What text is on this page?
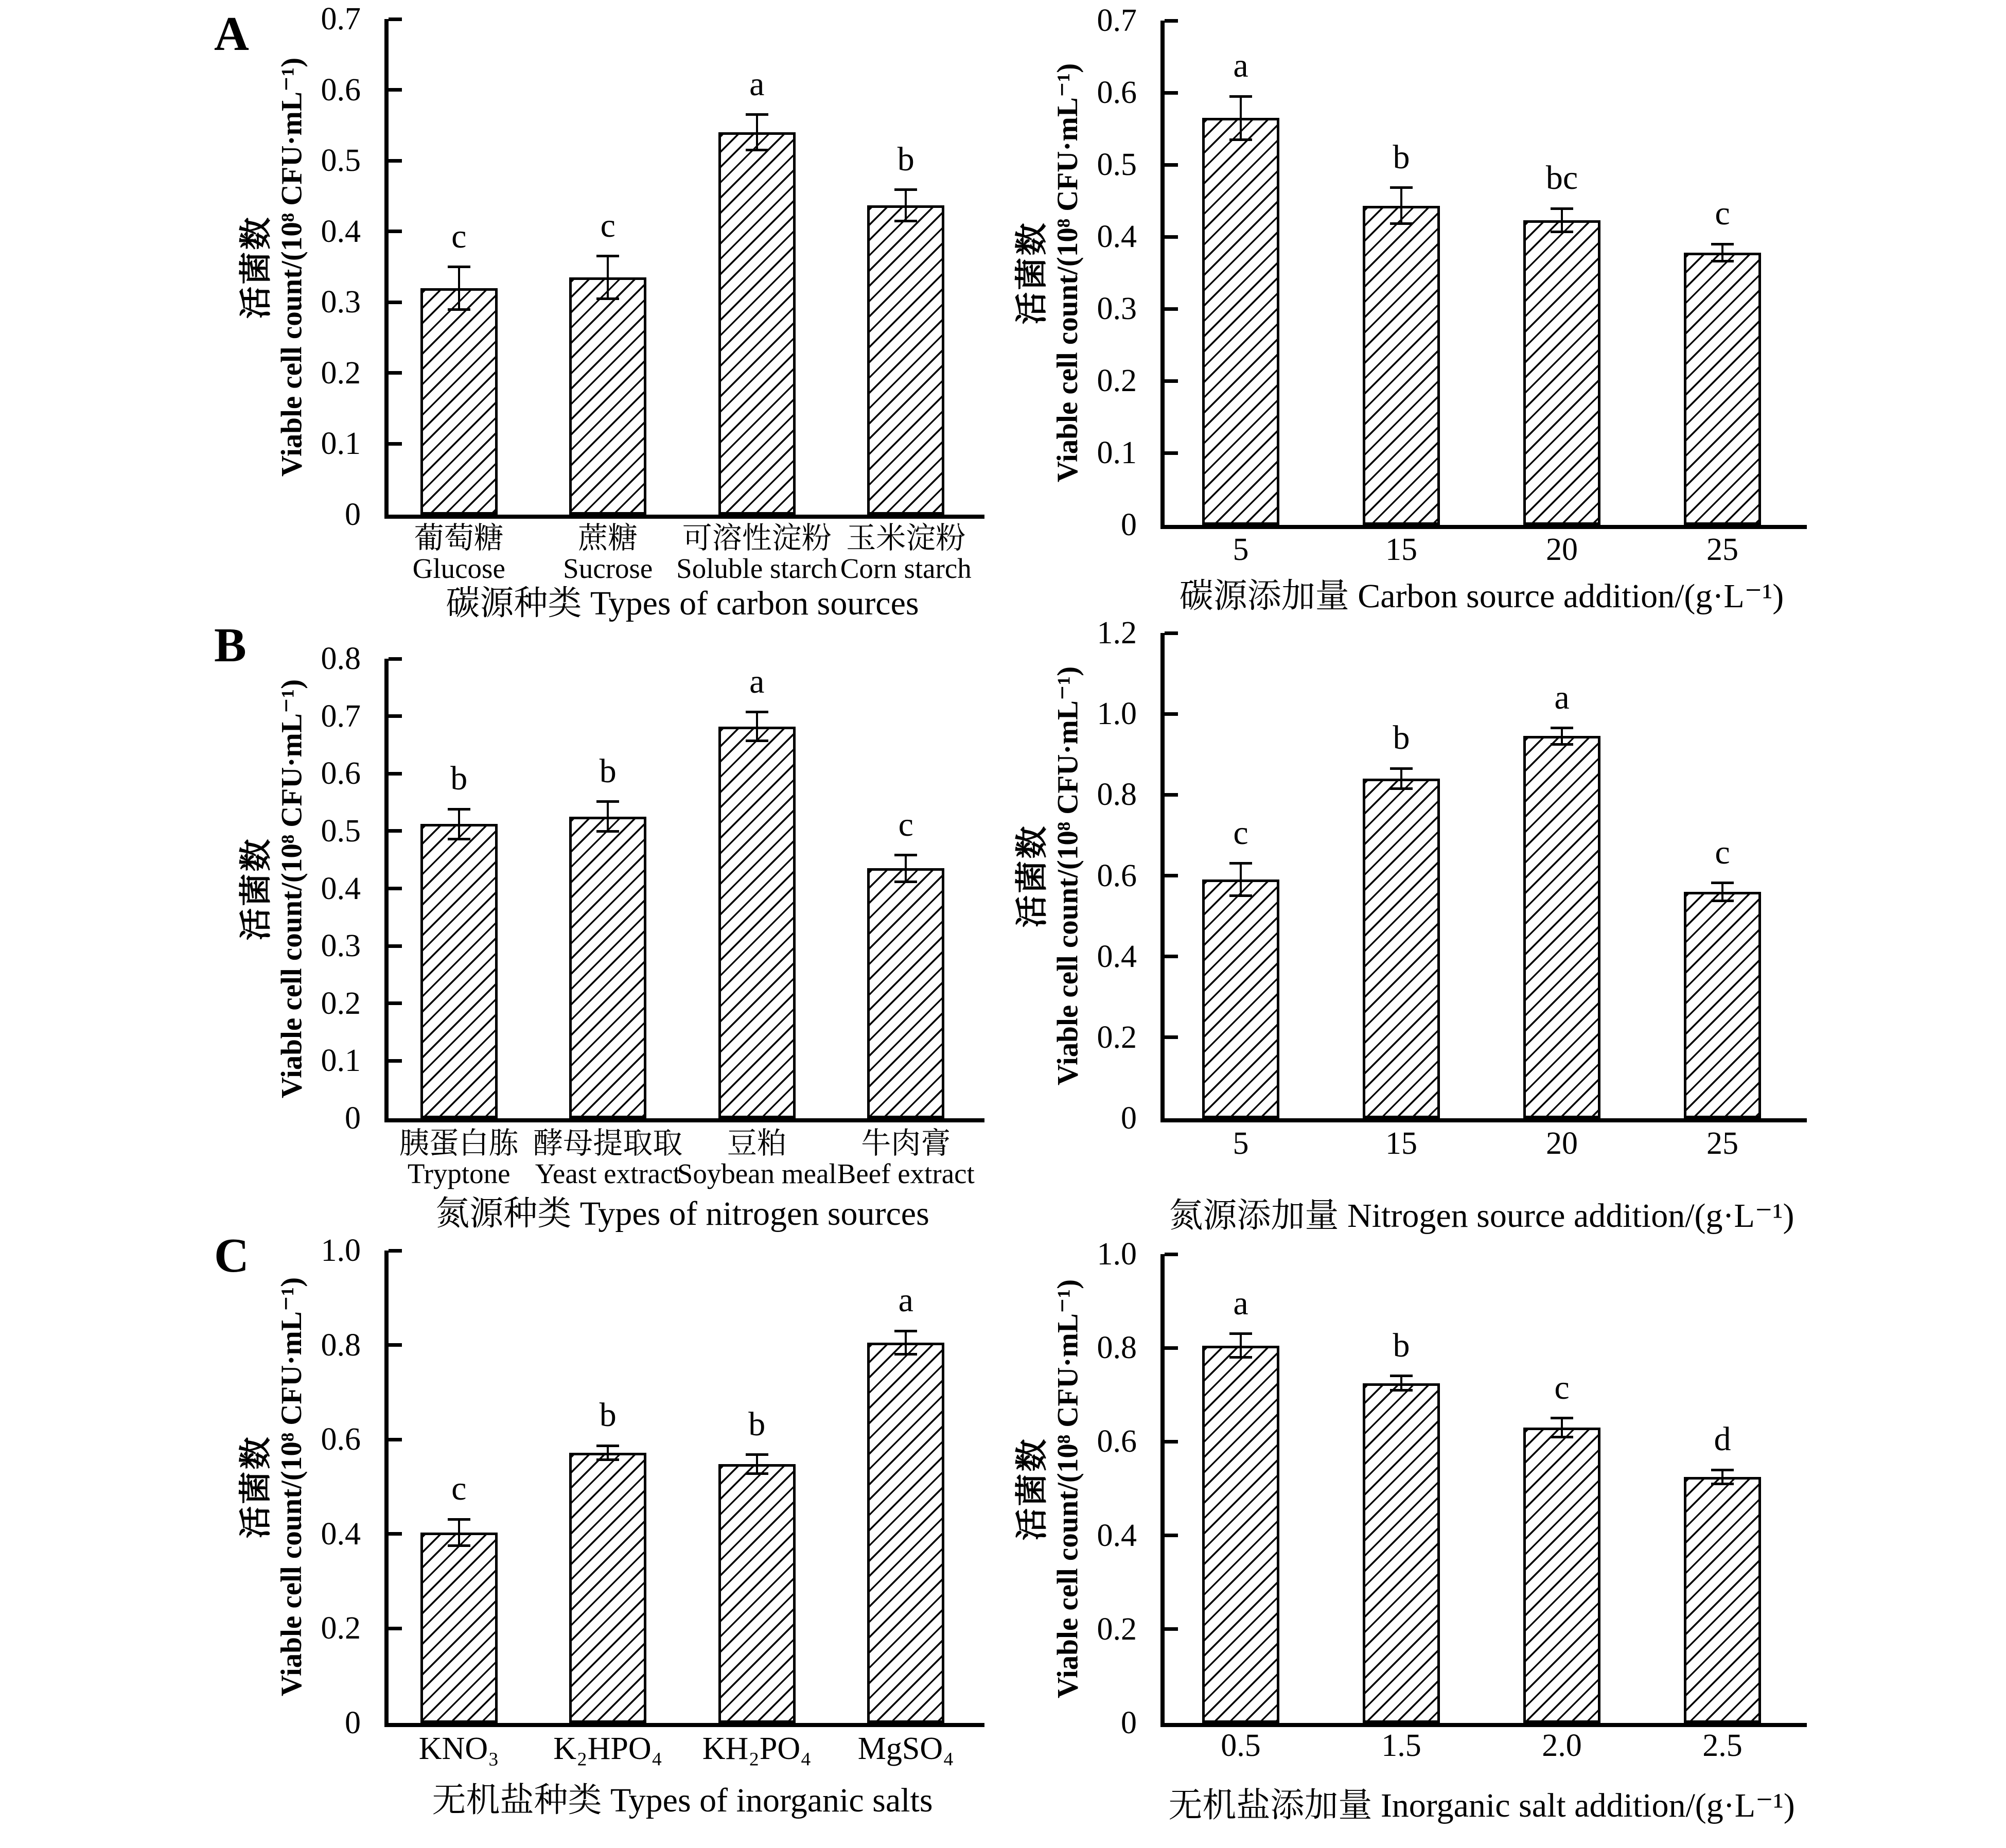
A
0
0.1
0.2
0.3
0.4
0.5
0.6
0.7
活菌数 Viable cell count/(10⁸ CFU·mL⁻¹)	c
葡萄糖
Glucose
c
蔗糖
Sucrose
a
可溶性淀粉
Soluble starch
b
玉米淀粉
Corn starch
碳源种类 Types of carbon sources
0
0.1
0.2
0.3
0.4
0.5
0.6
0.7
活菌数 Viable cell count/(10⁸ CFU·mL⁻¹)	a
5
b
15
bc
20
c
25
碳源添加量 Carbon source addition/(g·L⁻¹)
B
0
0.1
0.2
0.3
0.4
0.5
0.6
0.7
0.8
活菌数 Viable cell count/(10⁸ CFU·mL⁻¹)	b
胰蛋白胨
Tryptone
b
酵母提取取
Yeast extract
a
豆粕
Soybean meal
c
牛肉膏
Beef extract
氮源种类 Types of nitrogen sources
0
0.2
0.4
0.6
0.8
1.0
1.2
活菌数 Viable cell count/(10⁸ CFU·mL⁻¹)	c
5
b
15
a
20
c
25
氮源添加量 Nitrogen source addition/(g·L⁻¹)
C
0
0.2
0.4
0.6
0.8
1.0
活菌数 Viable cell count/(10⁸ CFU·mL⁻¹)	c
KNO₃
b
K₂HPO₄
b
KH₂PO₄
a
MgSO₄
无机盐种类 Types of inorganic salts
0
0.2
0.4
0.6
0.8
1.0
活菌数 Viable cell count/(10⁸ CFU·mL⁻¹)	a
0.5
b
1.5
c
2.0
d
2.5
无机盐添加量 Inorganic salt addition/(g·L⁻¹)
